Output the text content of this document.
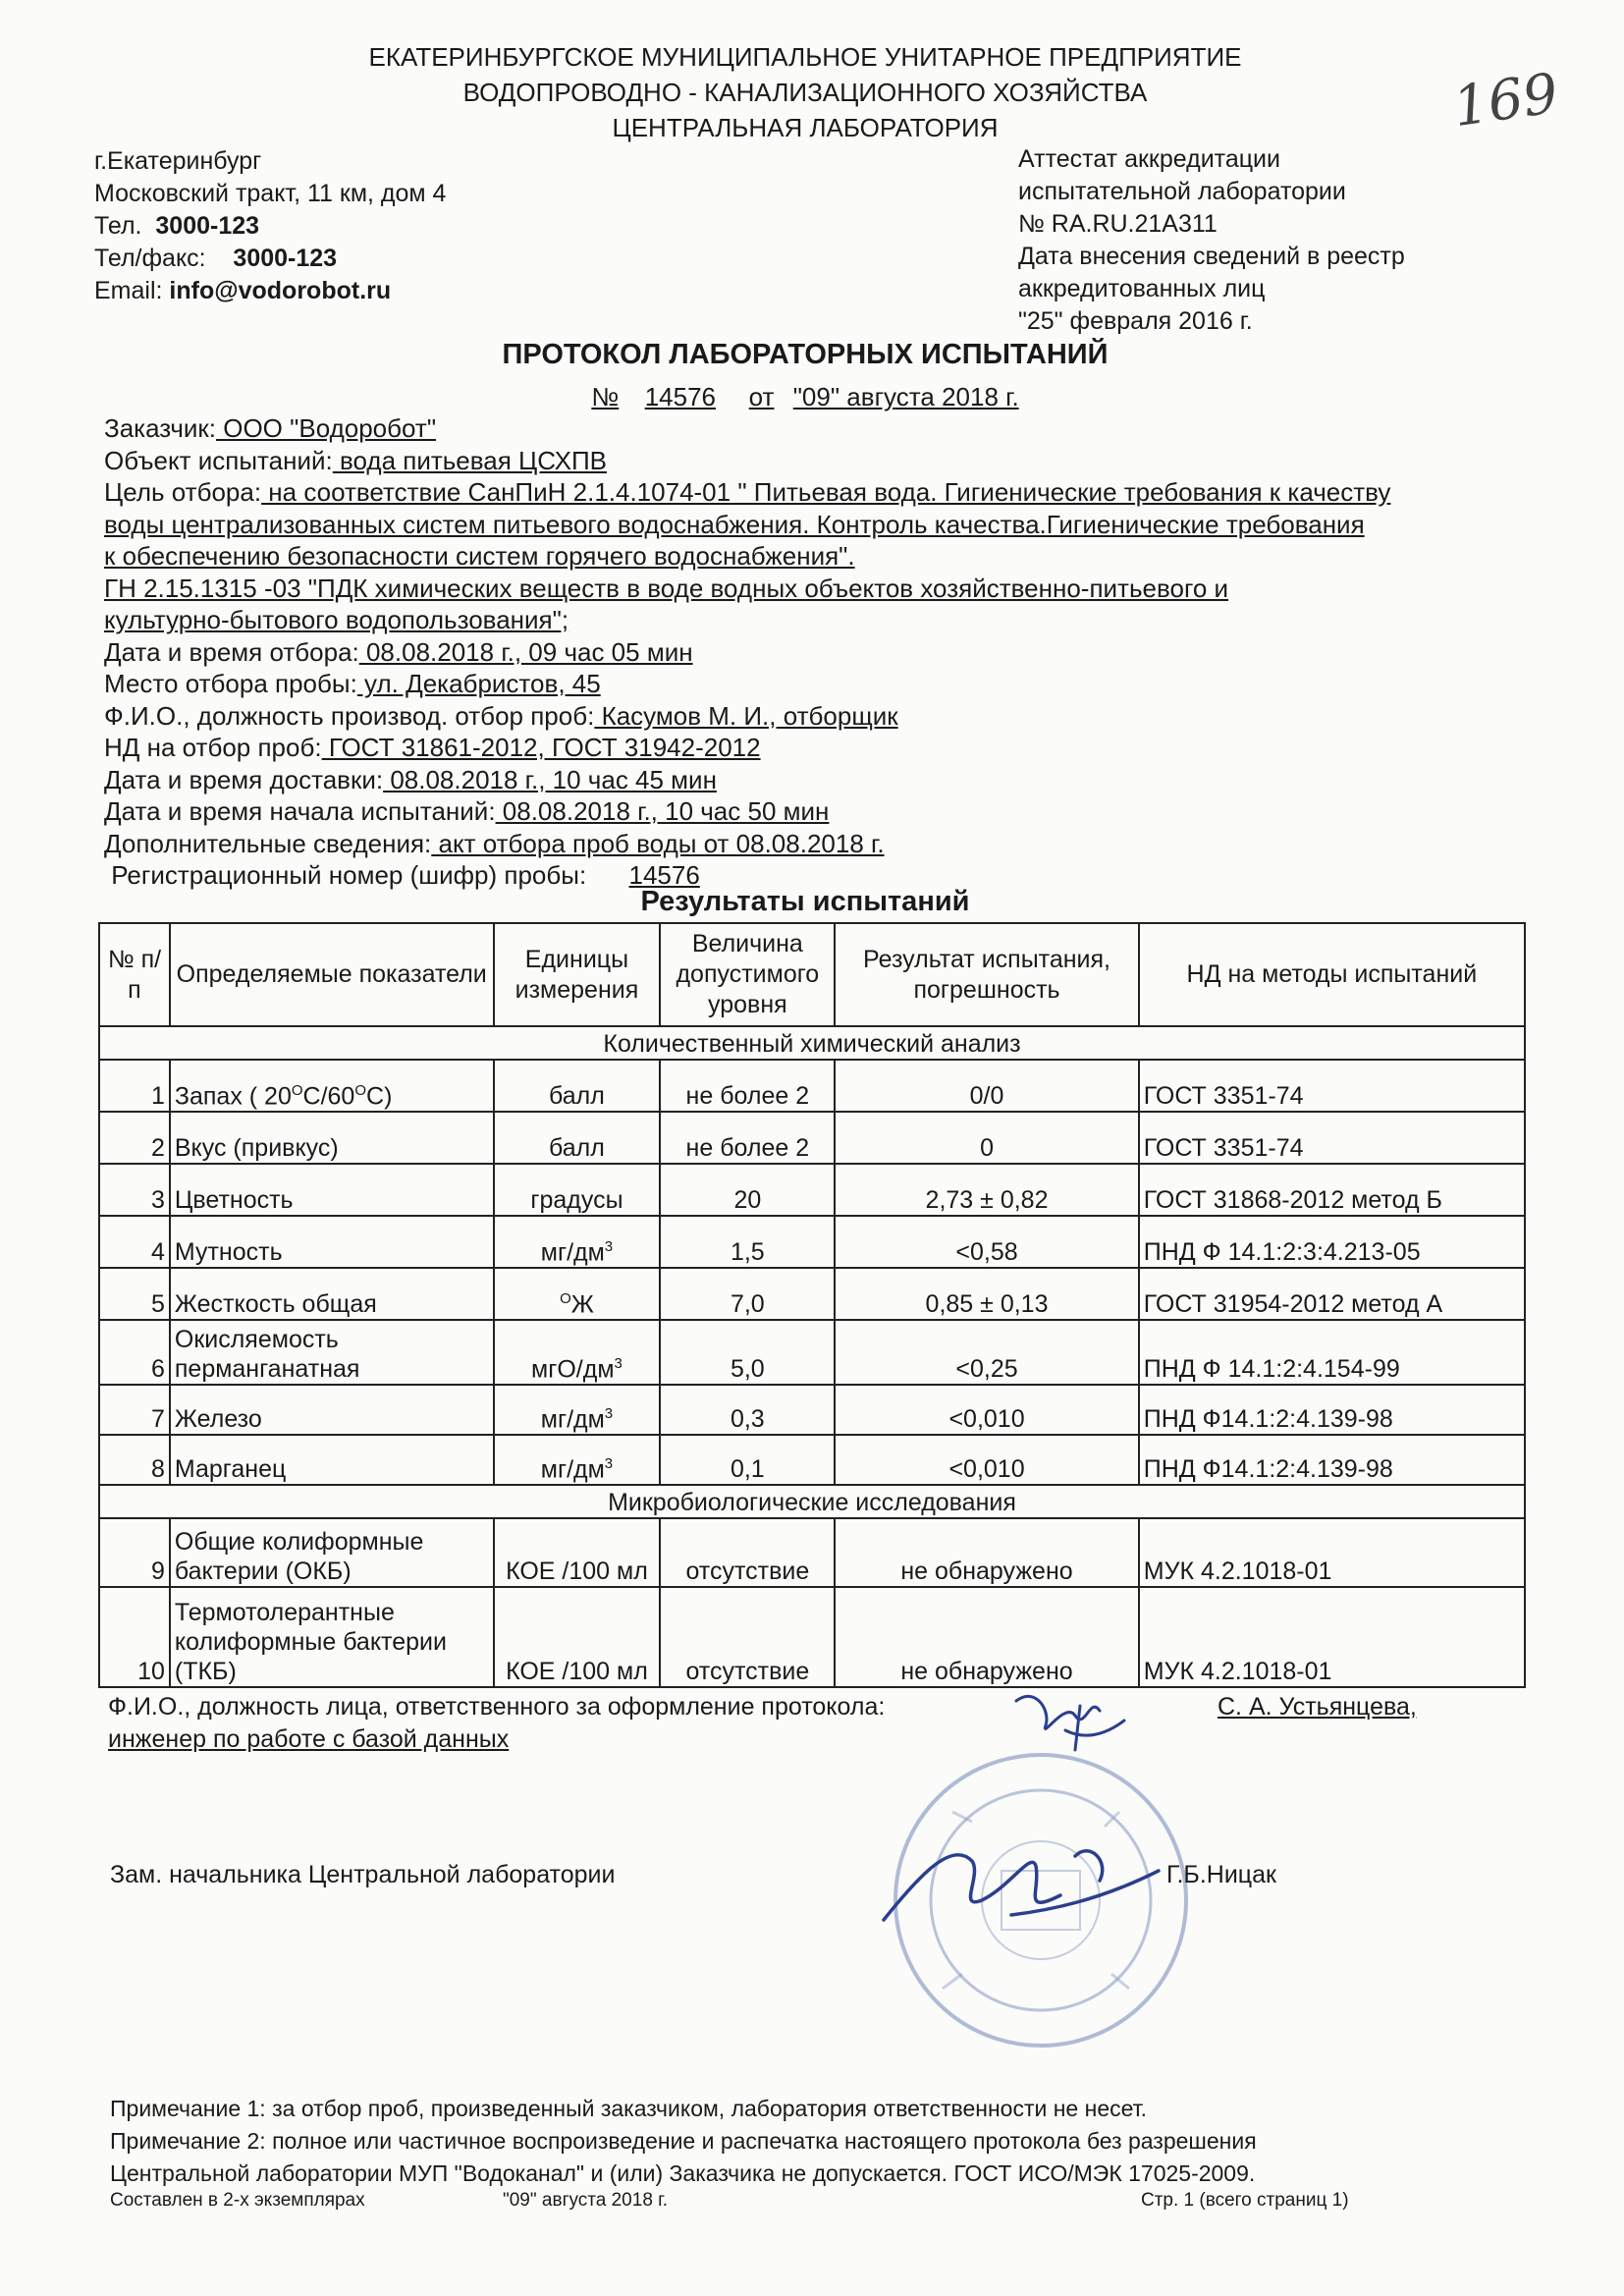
ЕКАТЕРИНБУРГСКОЕ МУНИЦИПАЛЬНОЕ УНИТАРНОЕ ПРЕДПРИЯТИЕ
ВОДОПРОВОДНО - КАНАЛИЗАЦИОННОГО ХОЗЯЙСТВА
ЦЕНТРАЛЬНАЯ ЛАБОРАТОРИЯ	169
г.Екатеринбург
Московский тракт, 11 км, дом 4
Тел. 3000-123
Тел/факс: 3000-123
Email: info@vodorobot.ru
Аттестат аккредитации
испытательной лаборатории
№ RA.RU.21A311
Дата внесения сведений в реестр
аккредитованных лиц
"25" февраля 2016 г.
ПРОТОКОЛ ЛАБОРАТОРНЫХ ИСПЫТАНИЙ
№ 14576 от "09" августа 2018 г.
Заказчик: ООО "Водоробот"
Объект испытаний: вода питьевая ЦСХПВ
Цель отбора: на соответствие СанПиН 2.1.4.1074-01 " Питьевая вода. Гигиенические требования к качеству
воды централизованных систем питьевого водоснабжения. Контроль качества.Гигиенические требования
к обеспечению безопасности систем горячего водоснабжения".
ГН 2.15.1315 -03 "ПДК химических веществ в воде водных объектов хозяйственно-питьевого и
культурно-бытового водопользования";
Дата и время отбора: 08.08.2018 г., 09 час 05 мин
Место отбора пробы: ул. Декабристов, 45
Ф.И.О., должность производ. отбор проб: Касумов М. И., отборщик
НД на отбор проб: ГОСТ 31861-2012, ГОСТ 31942-2012
Дата и время доставки: 08.08.2018 г., 10 час 45 мин
Дата и время начала испытаний: 08.08.2018 г., 10 час 50 мин
Дополнительные сведения: акт отбора проб воды от 08.08.2018 г.
Регистрационный номер (шифр) пробы: 14576
Результаты испытаний
№ п/п	Определяемые показатели	Единицы измерения	Величина допустимого уровня	Результат испытания, погрешность	НД на методы испытаний
Количественный химический анализ					
1	Запах ( $20^OC/60^OC$)	балл	не более 2	0/0	ГОСТ 3351-74
2	Вкус (привкус)	балл	не более 2	0	ГОСТ 3351-74
3	Цветность	градусы	20	2,73 ± 0,82	ГОСТ 31868-2012 метод Б
4	Мутность	$мг/дм^3$	1,5	<0,58	ПНД Ф 14.1:2:3:4.213-05
5	Жесткость общая	$^О$Ж	7,0	0,85 ± 0,13	ГОСТ 31954-2012 метод А
6	Окисляемость перманганатная	мгО/$дм^3$	5,0	<0,25	ПНД Ф 14.1:2:4.154-99
7	Железо	$мг/дм^3$	0,3	<0,010	ПНД Ф14.1:2:4.139-98
8	Марганец	$мг/дм^3$	0,1	<0,010	ПНД Ф14.1:2:4.139-98
Микробиологические исследования					
9	Общие колиформные бактерии (ОКБ)	КОЕ /100 мл	отсутствие	не обнаружено	МУК 4.2.1018-01
10	Термотолерантные колиформные бактерии (ТКБ)	КОЕ /100 мл	отсутствие	не обнаружено	МУК 4.2.1018-01
Ф.И.О., должность лица, ответственного за оформление протокола:
инженер по работе с базой данных
С. А. Устьянцева,
Зам. начальника Центральной лаборатории	Г.Б.Ницак
Примечание 1: за отбор проб, произведенный заказчиком, лаборатория ответственности не несет.
Примечание 2: полное или частичное воспроизведение и распечатка настоящего протокола без разрешения
Центральной лаборатории МУП "Водоканал" и (или) Заказчика не допускается. ГОСТ ИСО/МЭК 17025-2009.
Составлен в 2-х экземплярах	"09" августа 2018 г.	Стр. 1 (всего страниц 1)
